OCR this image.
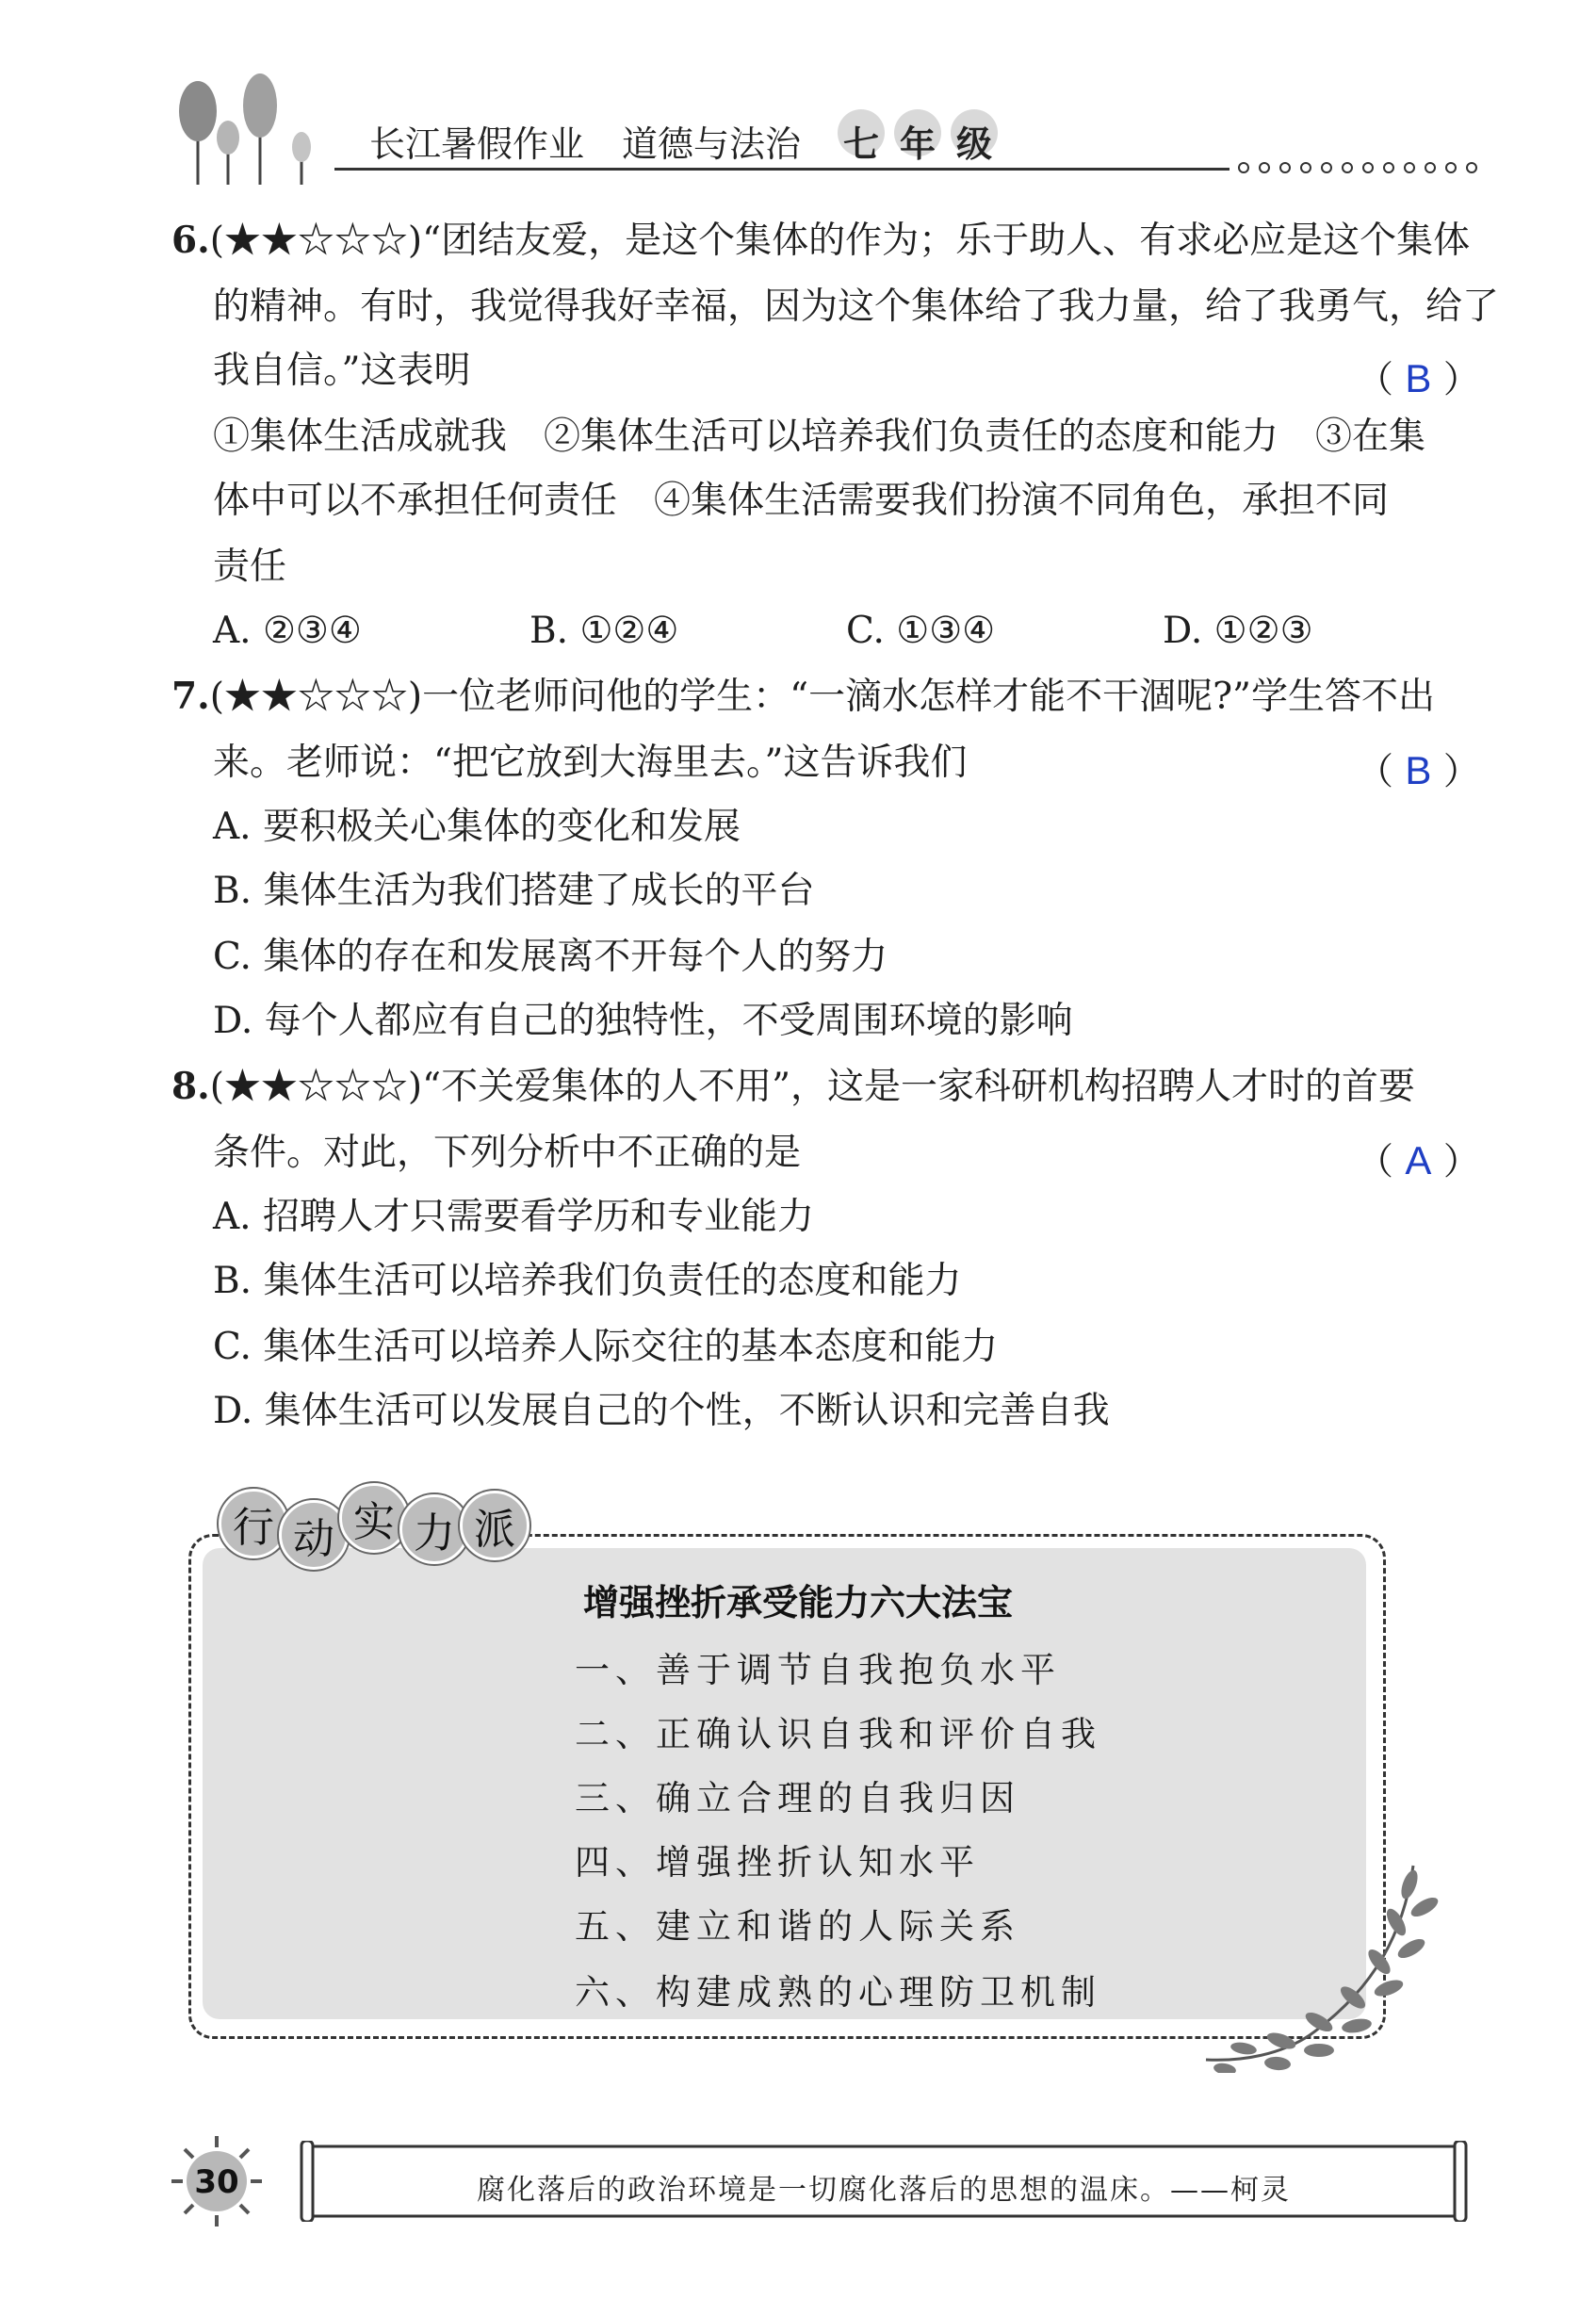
长江暑假作业 道德与法治 七 年 级
6.(★★☆☆☆)“团结友爱，是这个集体的作为；乐于助人、有求必应是这个集体
的精神。有时，我觉得我好幸福，因为这个集体给了我力量，给了我勇气，给了
我自信。”这表明	（ B ）
①集体生活成就我　②集体生活可以培养我们负责任的态度和能力　③在集
体中可以不承担任何责任　④集体生活需要我们扮演不同角色，承担不同
责任
A. ②③④	B. ①②④	C. ①③④	D. ①②③
7.(★★☆☆☆)一位老师问他的学生：“一滴水怎样才能不干涸呢?”学生答不出
来。老师说：“把它放到大海里去。”这告诉我们	（ B ）
A. 要积极关心集体的变化和发展
B. 集体生活为我们搭建了成长的平台
C. 集体的存在和发展离不开每个人的努力
D. 每个人都应有自己的独特性，不受周围环境的影响
8.(★★☆☆☆)“不关爱集体的人不用”，这是一家科研机构招聘人才时的首要
条件。对此，下列分析中不正确的是	（ A ）
A. 招聘人才只需要看学历和专业能力
B. 集体生活可以培养我们负责任的态度和能力
C. 集体生活可以培养人际交往的基本态度和能力
D. 集体生活可以发展自己的个性，不断认识和完善自我
行 动 实 力 派
增强挫折承受能力六大法宝
一、善于调节自我抱负水平
二、正确认识自我和评价自我
三、确立合理的自我归因
四、增强挫折认知水平
五、建立和谐的人际关系
六、构建成熟的心理防卫机制
30	腐化落后的政治环境是一切腐化落后的思想的温床。——柯灵
